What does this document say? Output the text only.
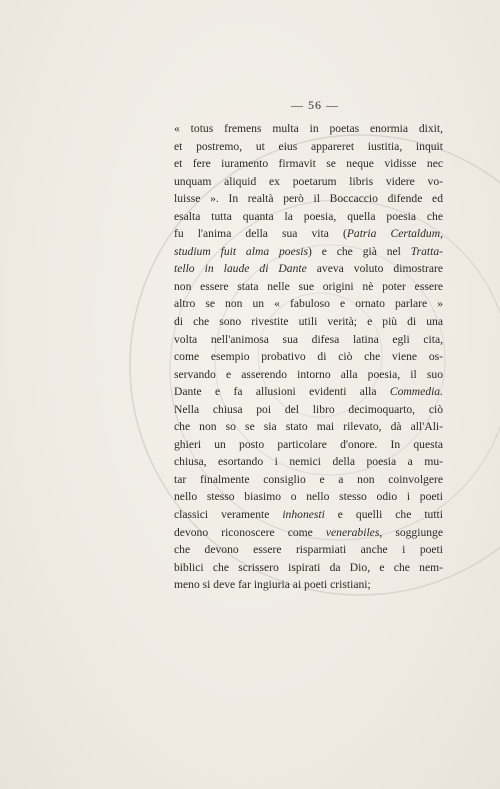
— 56 —
« totus fremens multa in poetas enormia dixit,
et postremo, ut eius appareret iustitia, inquit
et fere iuramento firmavit se neque vidisse nec
unquam aliquid ex poetarum libris videre vo-
luisse ». In realtà però il Boccaccio difende ed
esalta tutta quanta la poesia, quella poesia che
fu l'anima della sua vita (Patria Certaldum,
studium fuit alma poesis) e che già nel Tratta-
tello in laude di Dante aveva voluto dimostrare
non essere stata nelle sue origini nè poter essere
altro se non un « fabuloso e ornato parlare »
di che sono rivestite utili verità; e più di una
volta nell'animosa sua difesa latina egli cita,
come esempio probativo di ciò che viene os-
servando e asserendo intorno alla poesia, il suo
Dante e fa allusioni evidenti alla Commedia.
Nella chiusa poi del libro decimoquarto, ciò
che non so se sia stato mai rilevato, dà all'Ali-
ghieri un posto particolare d'onore. In questa
chiusa, esortando i nemici della poesia a mu-
tar finalmente consiglio e a non coinvolgere
nello stesso biasimo o nello stesso odio i poeti
classici veramente inhonesti e quelli che tutti
devono riconoscere come venerabiles, soggiunge
che devono essere risparmiati anche i poeti
biblici che scrissero ispirati da Dio, e che nem-
meno si deve far ingiuria ai poeti cristiani;
